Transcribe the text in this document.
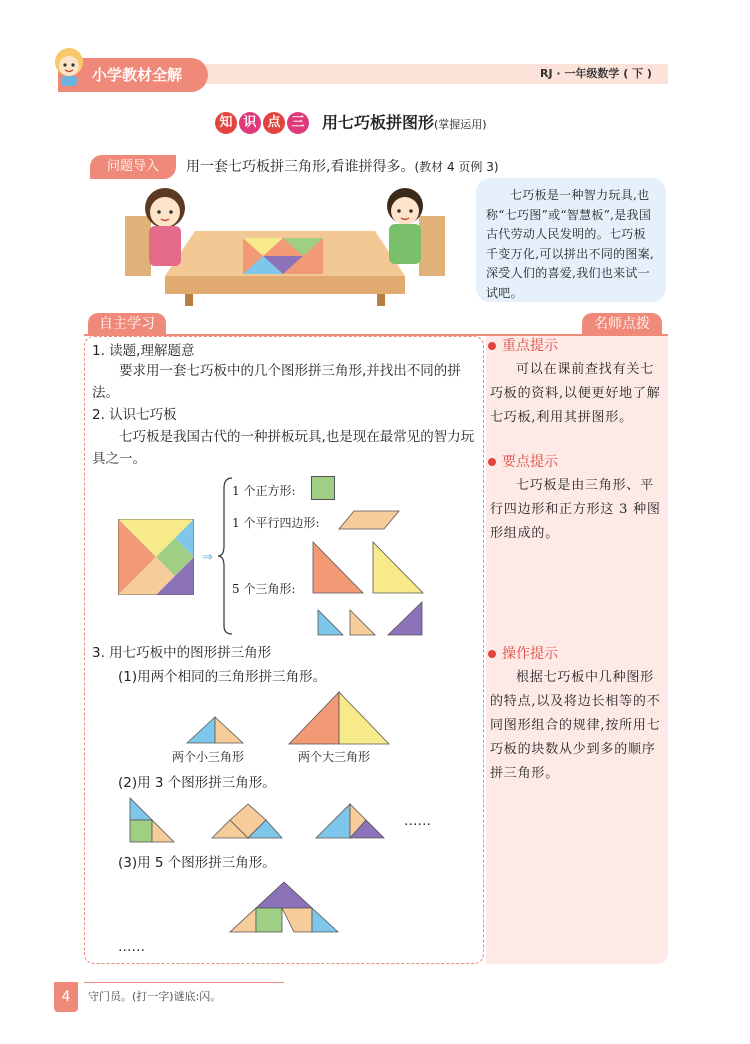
小学教材全解	RJ · 一年级数学 ( 下 )
知 识 点 三 用七巧板拼图形(掌握运用)
问题导入	用一套七巧板拼三角形,看谁拼得多。(教材 4 页例 3)
七巧板是一种智力玩具,也称“七巧图”或“智慧板”,是我国古代劳动人民发明的。七巧板千变万化,可以拼出不同的图案,深受人们的喜爱,我们也来试一试吧。
自主学习	名师点拨
1. 读题,理解题意
要求用一套七巧板中的几个图形拼三角形,并找出不同的拼法。
2. 认识七巧板
七巧板是我国古代的一种拼板玩具,也是现在最常见的智力玩具之一。
⇒
1 个正方形:
1 个平行四边形:
5 个三角形:
3. 用七巧板中的图形拼三角形
(1)用两个相同的三角形拼三角形。
两个小三角形	两个大三角形
(2)用 3 个图形拼三角形。
……
(3)用 5 个图形拼三角形。
……
重点提示
可以在课前查找有关七巧板的资料,以便更好地了解七巧板,利用其拼图形。
要点提示
七巧板是由三角形、平行四边形和正方形这 3 种图形组成的。
操作提示
根据七巧板中几种图形的特点,以及将边长相等的不同图形组合的规律,按所用七巧板的块数从少到多的顺序拼三角形。
4	守门员。(打一字)谜底:闪。
